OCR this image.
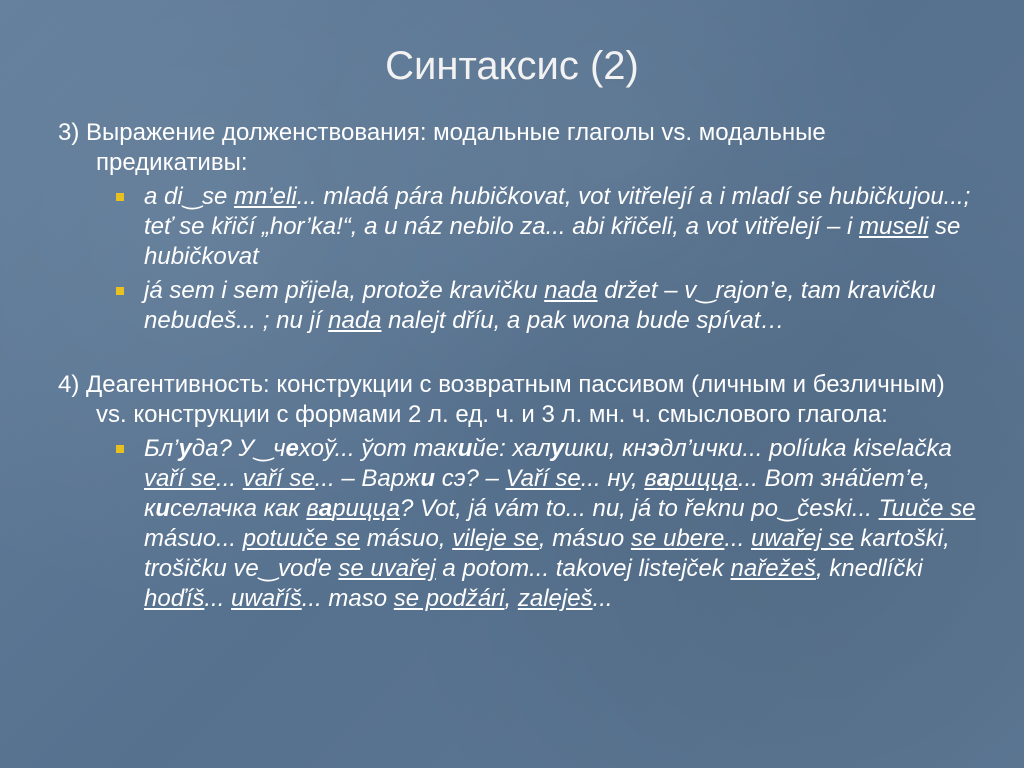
Синтаксис (2)

3) Выражение долженствования: модальные глаголы vs. модальные предикативы:

a di‿se mn’eli... mladá pára hubičkovat, vot vitřelejí a i mladí se hubičkujou...; teť se křičí „hor’ka!“, a u náz nebilo za... abi křičeli, a vot vitřelejí – i museli se hubičkovat
já sem i sem přijela, protože kravičku nada držet – v‿rajon’e, tam kravičku nebudeš... ; nu jí nada nalejt dříu, a pak wona bude spívat…

4) Деагентивность: конструкции с возвратным пассивом (личным и безличным) vs. конструкции с формами 2 л. ед. ч. и 3 л. мн. ч. смыслового глагола:

Бл’уда? У‿чехоў... ўот такийе: халушки, кнэдл’ички... políuka kiselačka vaří se... vaří se... – Варжи сэ? – Vaří se... ну, варицца... Вот зна́йет’е, киселачка как варицца? Vot, já vám to... nu, já to řeknu po‿česki... Tuuče se másuo... potuuče se másuo, vileje se, másuo se ubere... uwařej se kartoški, trošičku ve‿voďe se uvařej a potom... takovej listejček nařežeš, knedlíčki hoďíš... uwaříš... maso se podžári, zaleješ...
